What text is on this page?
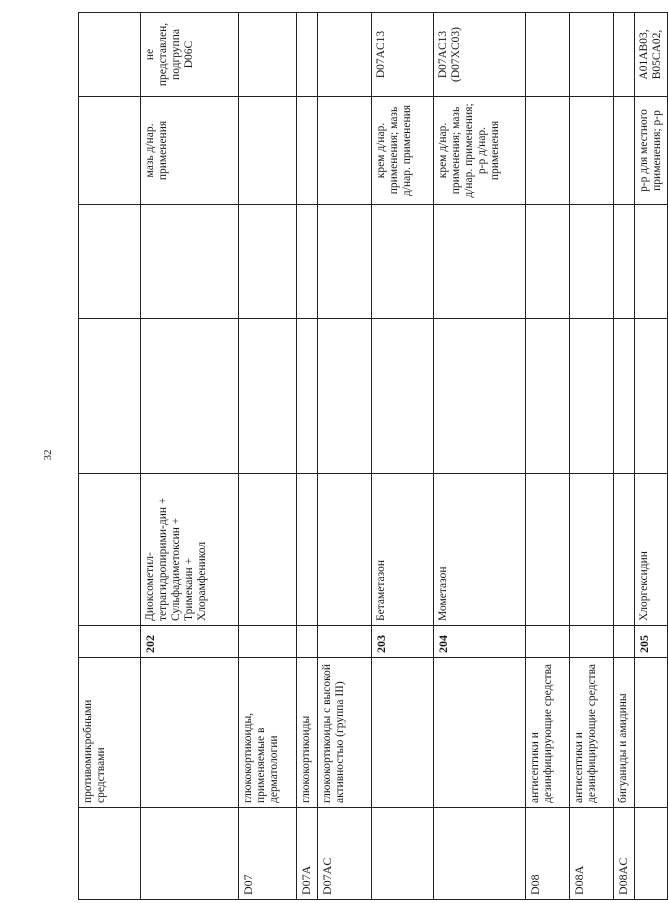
32
	противомикробными средствами						
		202	Диоксометил-тетрагидропирими-дин + Сульфадиметоксин + Тримекаин + Хлорамфеникол			мазь д/нар. применения	не представлен, подгруппа D06C
D07	глюкокортикоиды, применяемые в дерматологии						
D07A	глюкокортикоиды						
D07AC	глюкокортикоиды с высокой активностью (группа III)						
		203	Бетаметазон			крем д/нар. применения; мазь д/нар. применения	D07AC13
		204	Мометазон			крем д/нар. применения; мазь д/нар. применения; р-р д/нар. применения	D07AC13 (D07XC03)
D08	антисептики и дезинфицирующие средства						
D08A	антисептики и дезинфицирующие средства						
D08AC	бигуаниды и амидины						
		205	Хлоргексидин			р-р для местного применения; р-р	A01AB03, B05CA02,
